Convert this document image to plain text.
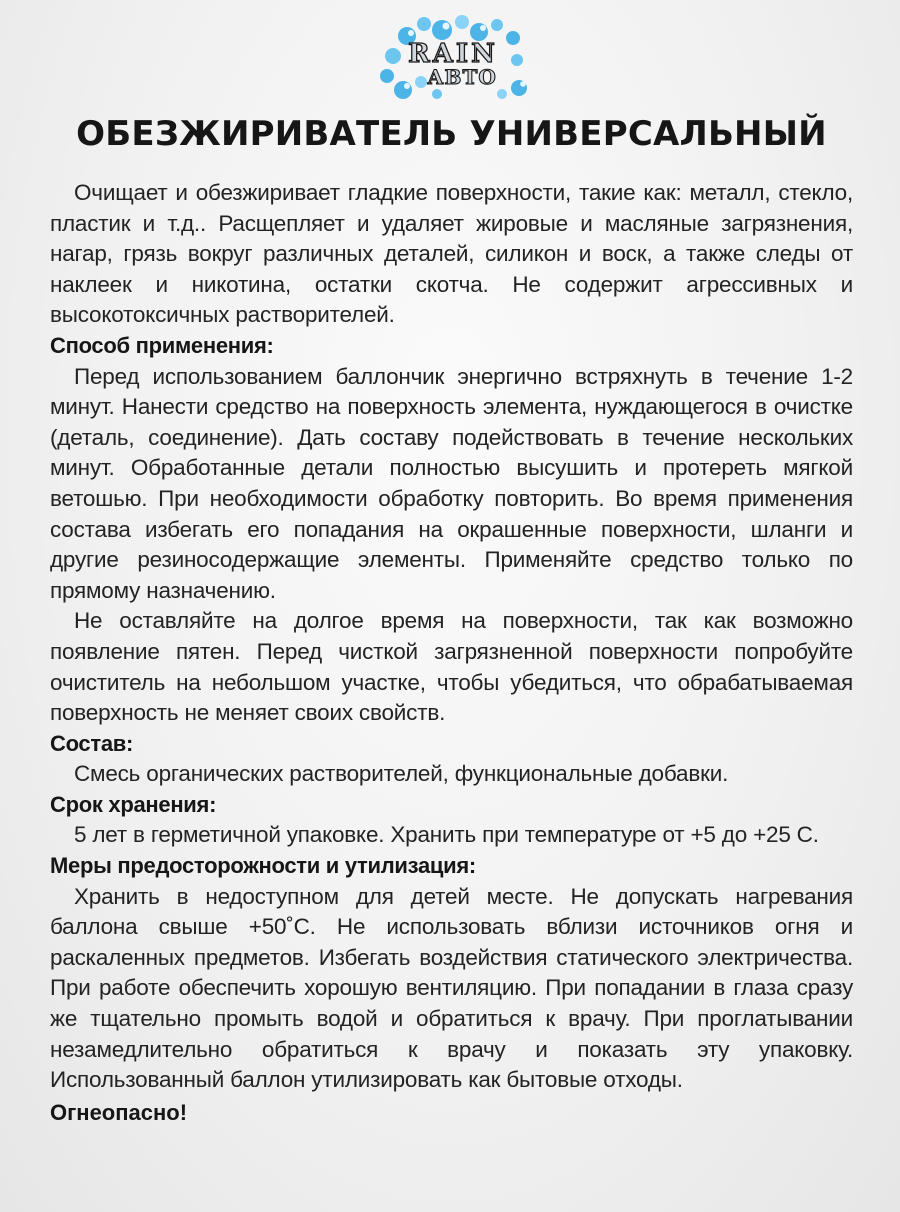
RAIN
АВТО
ОБЕЗЖИРИВАТЕЛЬ УНИВЕРСАЛЬНЫЙ

Очищает и обезжиривает гладкие поверхности, такие как: металл, стекло, пластик и т.д.. Расщепляет и удаляет жировые и масляные загрязнения, нагар, грязь вокруг различных деталей, силикон и воск, а также следы от наклеек и никотина, остатки скотча. Не содержит агрессивных и высокотоксичных растворителей.

Способ применения:

Перед использованием баллончик энергично встряхнуть в течение 1-2 минут. Нанести средство на поверхность элемента, нуждающегося в очистке (деталь, соединение). Дать составу подействовать в течение нескольких минут. Обработанные детали полностью высушить и протереть мягкой ветошью. При необходимости обработку повторить. Во время применения состава избегать его попадания на окрашенные поверхности, шланги и другие резиносодержащие элементы. Применяйте средство только по прямому назначению.

Не оставляйте на долгое время на поверхности, так как возможно появление пятен. Перед чисткой загрязненной поверхности попробуйте очиститель на небольшом участке, чтобы убедиться, что обрабатываемая поверхность не меняет своих свойств.

Состав:

Смесь органических растворителей, функциональные добавки.

Срок хранения:

5 лет в герметичной упаковке. Хранить при температуре от +5 до +25 С.

Меры предосторожности и утилизация:

Хранить в недоступном для детей месте. Не допускать нагревания баллона свыше +50˚С. Не использовать вблизи источников огня и раскаленных предметов. Избегать воздействия статического электричества. При работе обеспечить хорошую вентиляцию. При попадании в глаза сразу же тщательно промыть водой и обратиться к врачу. При проглатывании незамедлительно обратиться к врачу и показать эту упаковку. Использованный баллон утилизировать как бытовые отходы.

Огнеопасно!
